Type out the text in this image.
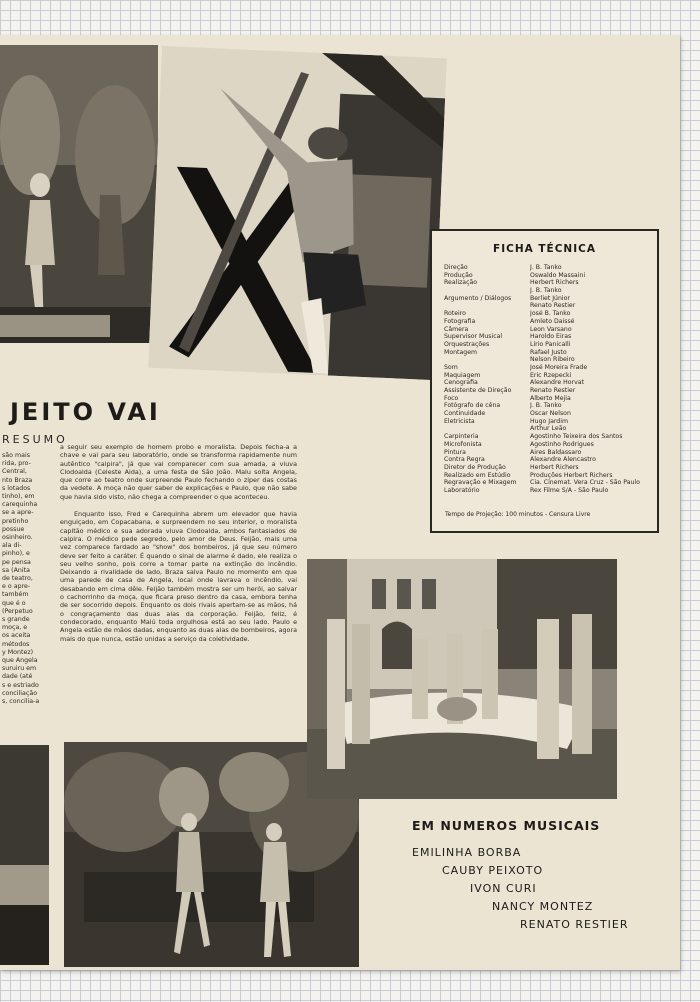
são mais
rida, pro-
Central,
nto Braza
s lotados
tinho), em
carequinha
se a apre-
pretinho
possue
osinheiro.
ala di-
pinho), e
pe pensa
sa (Anita
de teatro,
e o apre-
também
que é o
(Perpetuo
s grande
moça, e
os aceita
métodos
y Montez)
que Angela
suruiru em
dade (até
s e estriado
conciliação
s, concilia-a
JEITO VAI
RESUMO

a seguir seu exemplo de homem probo e moralista. Depois fecha-a a chave e vai para seu laboratório, onde se transforma rapidamente num autêntico "caipira", já que vai comparecer com sua amada, a viuva Clodoalda (Celeste Aida), a uma festa de São João. Malu solta Angela, que corre ao teatro onde surpreende Paulo fechando o ziper das costas da vedete. A moça não quer saber de explicações e Paulo, que não sabe que havia sido visto, não chega a compreender o que aconteceu.

Enquanto isso, Fred e Carequinha abrem um elevador que havia enguiçado, em Copacabana, e surpreendem no seu interior, o moralista capitão médico e sua adorada viuva Clodoalda, ambos fantasiados de caipira. O médico pede segredo, pelo amor de Deus. Feijão, mais uma vez comparece fardado ao "show" dos bombeiros, já que seu número deve ser feito a caráter. É quando o sinal de alarme é dado, ele realiza o seu velho sonho, pois corre a tomar parte na extinção do incêndio. Deixando a rivalidade de lado, Braza salva Paulo no momento em que uma parede de casa de Angela, local onde lavrava o incêndio, vai desabando em cima dêle. Feijão também mostra ser um herói, ao salvar o cachorrinho da moça, que ficara preso dentro da casa, embora tenha de ser socorrido depois. Enquanto os dois rivais apertam-se as mãos, há o congraçamento das duas alas da corporação. Feijão, feliz, é condecorado, enquanto Malú toda orgulhosa está ao seu lado. Paulo e Angela estão de mãos dadas, enquanto as duas alas de bombeiros, agora mais do que nunca, estão unidas a serviço da coletividade.

FICHA TÉCNICA
Direção	J. B. Tanko
Produção	Oswaldo Massaini
Realização	Herbert Richers
J. B. Tanko
Argumento / Diálogos	Berliet Júnior
Renato Restier
Roteiro	José B. Tanko
Fotografia	Amleto Daissé
Câmera	Leon Varsano
Supervisor Musical	Haroldo Eiras
Orquestrações	Lírio Panicalli
Montagem	Rafael Justo
Nelson Ribeiro
Som	José Moreira Frade
Maquiagem	Eric Rzepecki
Cenografia	Alexandre Horvat
Assistente de Direção	Renato Restier
Foco	Alberto Mejia
Fotógrafo de cêna	J. B. Tanko
Continuidade	Oscar Nelson
Eletricista	Hugo Jardim
Arthur Leão
Carpinteria	Agostinho Teixeira dos Santos
Microfonista	Agostinho Rodrigues
Pintura	Aires Baldassaro
Contra Regra	Alexandre Alencastro
Diretor de Produção	Herbert Richers
Realizado em Estúdio	Produções Herbert Richers
Regravação e Mixagem	Cia. Cinemat. Vera Cruz - São Paulo
Laboratório	Rex Filme S/A - São Paulo
Tempo de Projeção: 100 minutos - Censura Livre
EM NUMEROS MUSICAIS
EMILINHA BORBA
CAUBY PEIXOTO
IVON CURI
NANCY MONTEZ
RENATO RESTIER
